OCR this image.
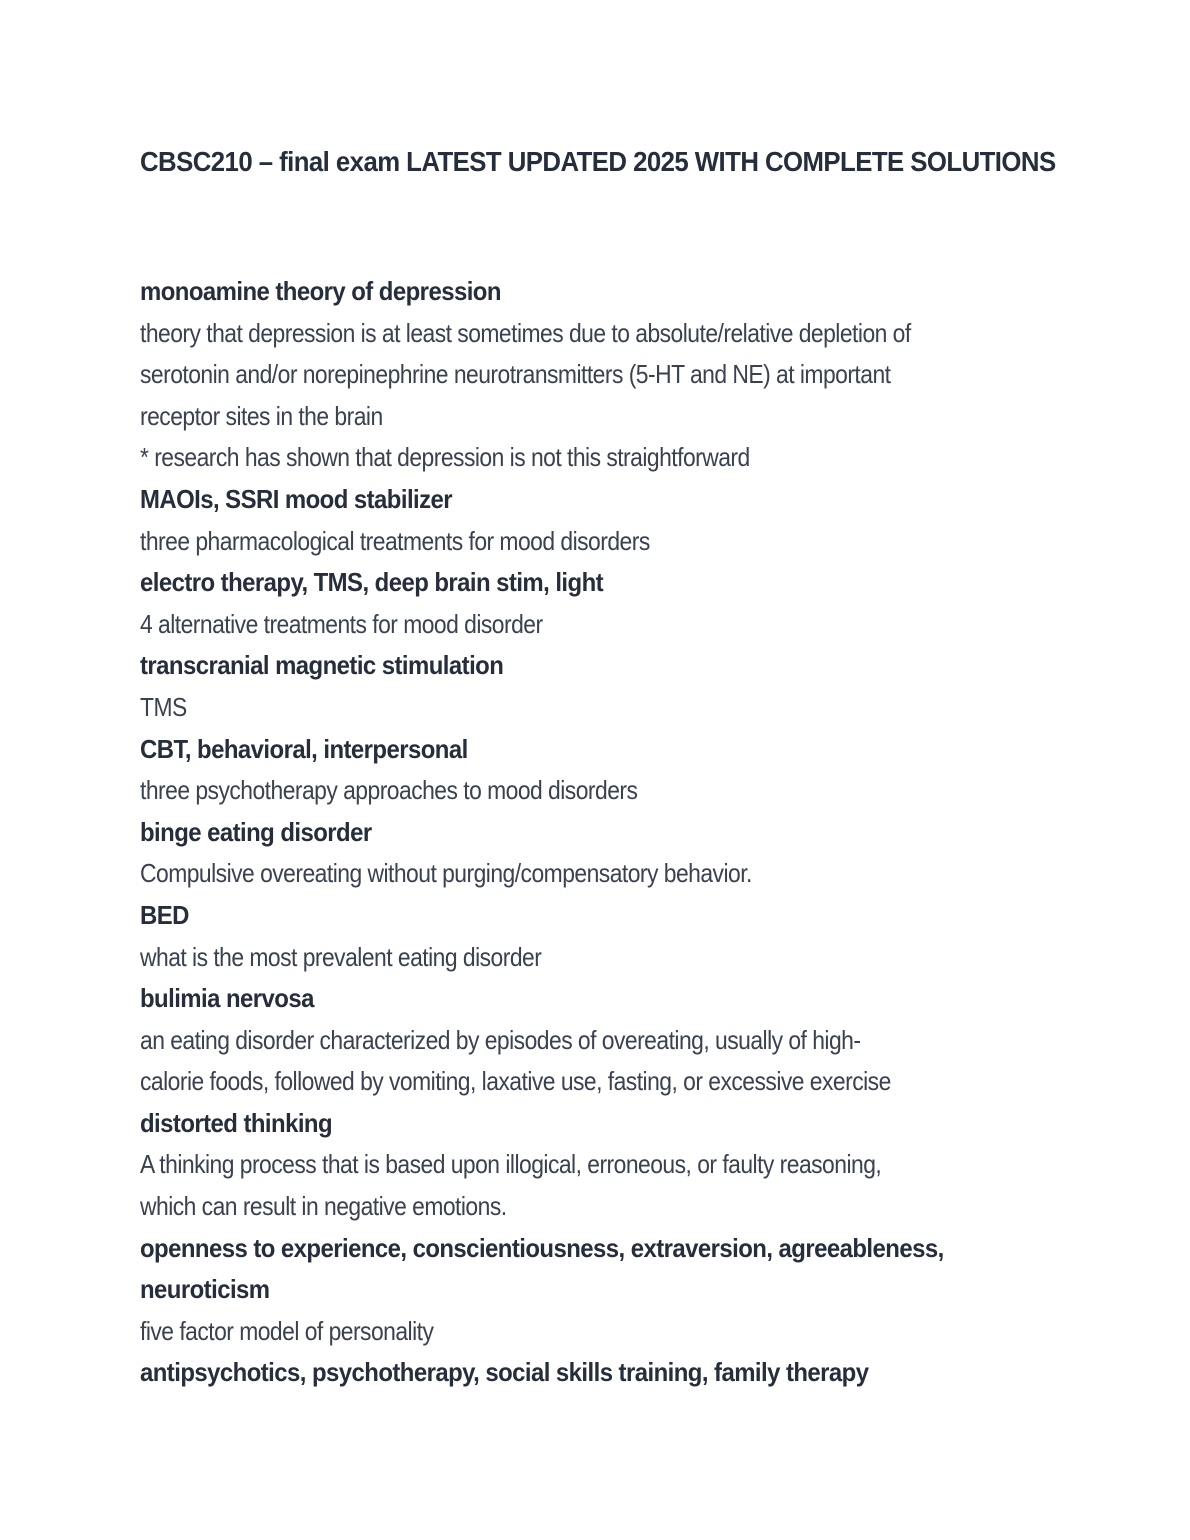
CBSC210 – final exam LATEST UPDATED 2025 WITH COMPLETE SOLUTIONS

monoamine theory of depression

theory that depression is at least sometimes due to absolute/relative depletion of
serotonin and/or norepinephrine neurotransmitters (5-HT and NE) at important
receptor sites in the brain
* research has shown that depression is not this straightforward

MAOIs, SSRI mood stabilizer

three pharmacological treatments for mood disorders

electro therapy, TMS, deep brain stim, light

4 alternative treatments for mood disorder

transcranial magnetic stimulation

TMS

CBT, behavioral, interpersonal

three psychotherapy approaches to mood disorders

binge eating disorder

Compulsive overeating without purging/compensatory behavior.

BED

what is the most prevalent eating disorder

bulimia nervosa

an eating disorder characterized by episodes of overeating, usually of high-
calorie foods, followed by vomiting, laxative use, fasting, or excessive exercise

distorted thinking

A thinking process that is based upon illogical, erroneous, or faulty reasoning,
which can result in negative emotions.

openness to experience, conscientiousness, extraversion, agreeableness,
neuroticism

five factor model of personality

antipsychotics, psychotherapy, social skills training, family therapy
